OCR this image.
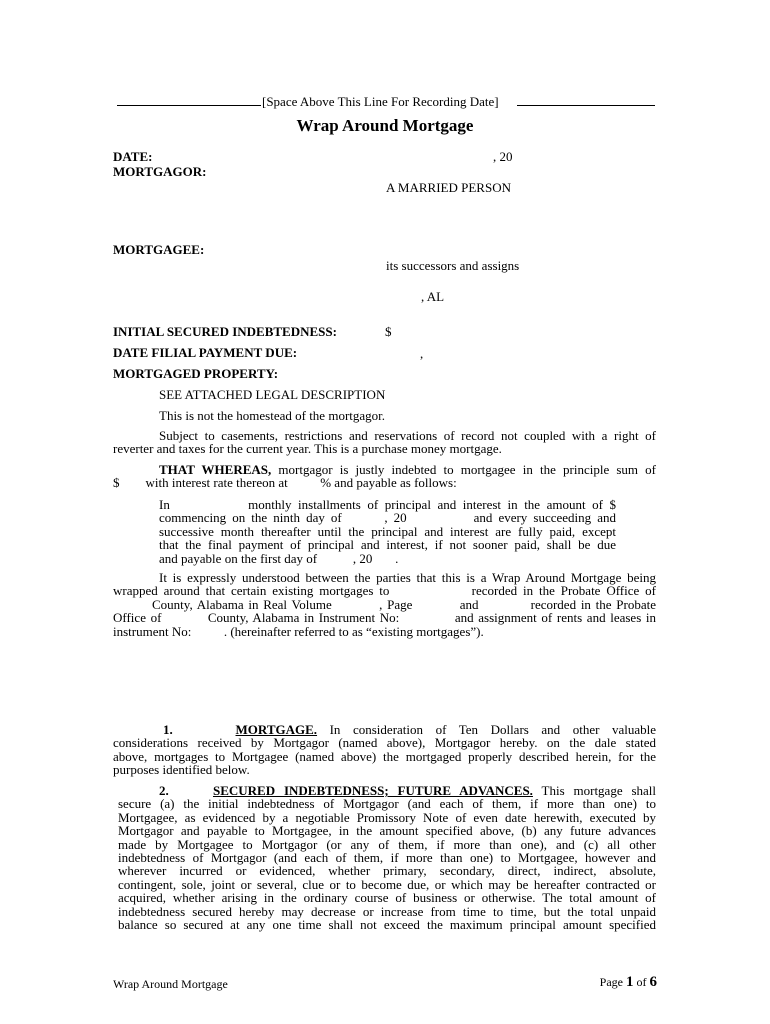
[Space Above This Line For Recording Date]
Wrap Around Mortgage
DATE:	, 20
MORTGAGOR:
A MARRIED PERSON
MORTGAGEE:
its successors and assigns
, AL
INITIAL SECURED INDEBTEDNESS:	$
DATE FILIAL PAYMENT DUE:	,
MORTGAGED PROPERTY:
SEE ATTACHED LEGAL DESCRIPTION
This is not the homestead of the mortgagor.
Subject to casements, restrictions and reservations of record not coupled with a right of
reverter and taxes for the current year. This is a purchase money mortgage.
THAT WHEREAS, mortgagor is justly indebted to mortgagee in the principle sum of
$        with interest rate thereon at          % and payable as follows:
In            monthly installments of principal and interest in the amount of $
commencing on the ninth day of       , 20           and every succeeding and
successive month thereafter until the principal and interest are fully paid, except
that the final payment of principal and interest, if not sooner paid, shall be due
and payable on the first day of           , 20       .
It is expressly understood between the parties that this is a Wrap Around Mortgage being
wrapped around that certain existing mortgages to              recorded in the Probate Office of
County, Alabama in Real Volume          , Page          and           recorded in the Probate
Office of          County, Alabama in Instrument No:            and assignment of rents and leases in
instrument No:          . (hereinafter referred to as “existing mortgages”).
1.	MORTGAGE. In consideration of Ten Dollars and other valuable
considerations received by Mortgagor (named above), Mortgagor hereby. on the dale stated
above, mortgages to Mortgagee (named above) the mortgaged properly described herein, for the
purposes identified below.
2.	SECURED INDEBTEDNESS; FUTURE ADVANCES. This mortgage shall
secure (a) the initial indebtedness of Mortgagor (and each of them, if more than one) to
Mortgagee, as evidenced by a negotiable Promissory Note of even date herewith, executed by
Mortgagor and payable to Mortgagee, in the amount specified above, (b) any future advances
made by Mortgagee to Mortgagor (or any of them, if more than one), and (c) all other
indebtedness of Mortgagor (and each of them, if more than one) to Mortgagee, however and
wherever incurred or evidenced, whether primary, secondary, direct, indirect, absolute,
contingent, sole, joint or several, clue or to become due, or which may be hereafter contracted or
acquired, whether arising in the ordinary course of business or otherwise. The total amount of
indebtedness secured hereby may decrease or increase from time to time, but the total unpaid
balance so secured at any one time shall not exceed the maximum principal amount specified
Wrap Around Mortgage	Page 1 of 6
